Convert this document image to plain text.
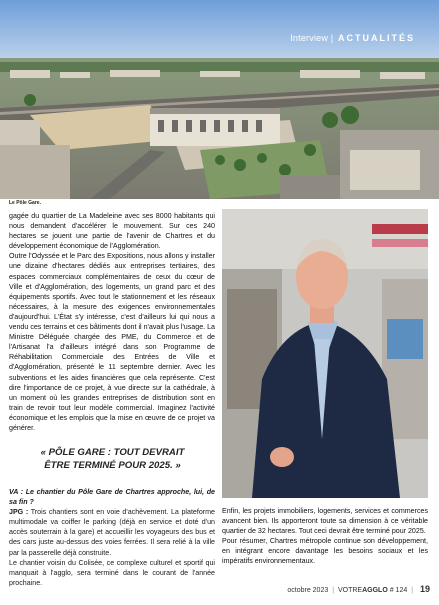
Interview | ACTUALITÉS
Le Pôle Gare.

gagée du quartier de La Madeleine avec ses 8000 habitants qui nous demandent d'accélérer le mouvement. Sur ces 240 hectares se jouent une partie de l'avenir de Chartres et du développement économique de l'Agglomération.

Outre l'Odyssée et le Parc des Expositions, nous allons y installer une dizaine d'hectares dédiés aux entreprises tertiaires, des espaces commerciaux complémentaires de ceux du cœur de Ville et d'Agglomération, des logements, un grand parc et des équipements sportifs. Avec tout le stationnement et les réseaux nécessaires, à la mesure des exigences environnementales d'aujourd'hui. L'État s'y intéresse, c'est d'ailleurs lui qui nous a vendu ces terrains et ces bâtiments dont il n'avait plus l'usage. La Ministre Déléguée chargée des PME, du Commerce et de l'Artisanat l'a d'ailleurs intégré dans son Programme de Réhabilitation Commerciale des Entrées de Ville et d'Agglomération, présenté le 11 septembre dernier. Avec les subventions et les aides financières que cela représente. C'est dire l'importance de ce projet, à vue directe sur la cathédrale, à un moment où les grandes entreprises de distribution sont en train de revoir tout leur modèle commercial. Imaginez l'activité économique et les emplois que la mise en œuvre de ce projet va générer.

« PÔLE GARE : TOUT DEVRAIT ÊTRE TERMINÉ POUR 2025. »

VA : Le chantier du Pôle Gare de Chartres approche, lui, de sa fin ?

JPG : Trois chantiers sont en voie d'achèvement. La plateforme multimodale va coiffer le parking (déjà en service et doté d'un accès souterrain à la gare) et accueillir les voyageurs des bus et des cars juste au-dessus des voies ferrées. Il sera relié à la ville par la passerelle déjà construite.

Le chantier voisin du Colisée, ce complexe culturel et sportif qui manquait à l'agglo, sera terminé dans le courant de l'année prochaine.

Enfin, les projets immobiliers, logements, services et commerces avancent bien. Ils apporteront toute sa dimension à ce véritable quartier de 32 hectares. Tout ceci devrait être terminé pour 2025.

Pour résumer, Chartres métropole continue son développement, en intégrant encore davantage les besoins sociaux et les impératifs environnementaux.

octobre 2023 | VOTREAGGLO # 124 | 19
